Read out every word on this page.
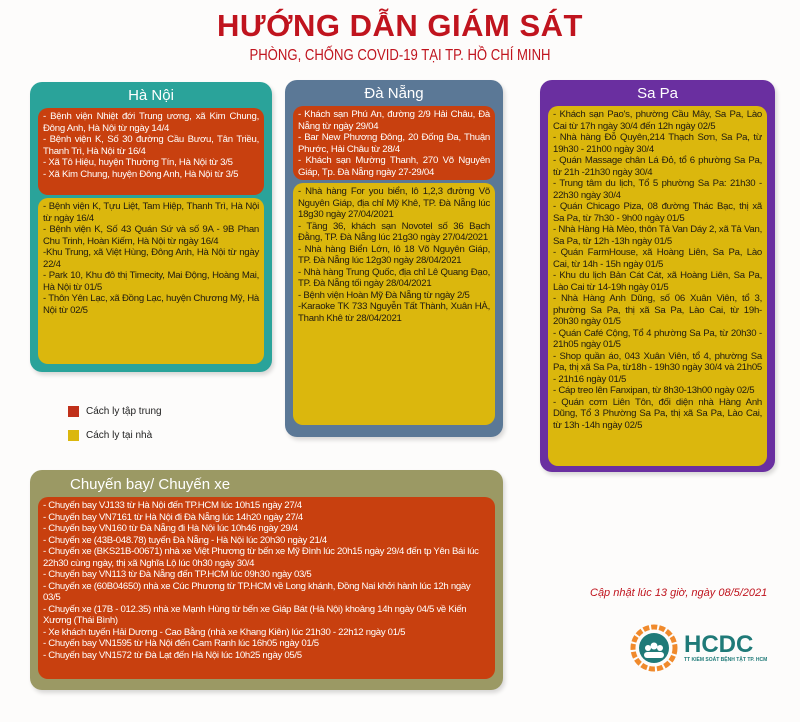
HƯỚNG DẪN GIÁM SÁT
PHÒNG, CHỐNG COVID-19 TẠI TP. HỒ CHÍ MINH
Hà Nội
- Bệnh viện Nhiệt đới Trung ương, xã Kim Chung, Đông Anh, Hà Nội từ ngày 14/4
- Bệnh viện K, Số 30 đường Cầu Bươu, Tân Triều, Thanh Trì, Hà Nội từ 16/4
- Xã Tô Hiệu, huyện Thường Tín, Hà Nội từ 3/5
- Xã Kim Chung, huyện Đông Anh, Hà Nội từ 3/5
- Bệnh viện K, Tựu Liệt, Tam Hiệp, Thanh Trì, Hà Nội từ ngày 16/4
- Bệnh viện K, Số 43 Quán Sứ và số 9A - 9B Phan Chu Trinh, Hoàn Kiếm, Hà Nội từ ngày 16/4
-Khu Trung, xã Việt Hùng, Đông Anh, Hà Nội từ ngày 22/4
- Park 10, Khu đô thị Timecity, Mai Động, Hoàng Mai, Hà Nội từ 01/5
- Thôn Yên Lạc, xã Đồng Lạc, huyện Chương Mỹ, Hà Nội từ 02/5
Đà Nẵng
- Khách sạn Phú An, đường 2/9 Hải Châu, Đà Nẵng từ ngày 29/04
- Bar New Phương Đông, 20 Đống Đa, Thuận Phước, Hải Châu từ 28/4
- Khách sạn Mường Thanh, 270 Võ Nguyên Giáp, Tp. Đà Nẵng ngày 27-29/04
- Nhà hàng For you biển, lô 1,2,3 đường Võ Nguyên Giáp, địa chỉ Mỹ Khê, TP. Đà Nẵng lúc 18g30 ngày 27/04/2021
- Tầng 36, khách sạn Novotel số 36 Bạch Đằng, TP. Đà Nẵng lúc 21g30 ngày 27/04/2021
- Nhà hàng Biển Lớn, lô 18 Võ Nguyên Giáp, TP. Đà Nẵng lúc 12g30 ngày 28/04/2021
- Nhà hàng Trung Quốc, địa chỉ Lê Quang Đạo, TP. Đà Nẵng tối ngày 28/04/2021
- Bệnh viện Hoàn Mỹ Đà Nẵng từ ngày 2/5
-Karaoke TK 733 Nguyễn Tất Thành, Xuân HÀ, Thanh Khê từ 28/04/2021
Sa Pa
- Khách sạn Pao's, phường Cầu Mây, Sa Pa, Lào Cai từ 17h ngày 30/4 đến 12h ngày 02/5
- Nhà hàng Đỗ Quyên,214 Thạch Sơn, Sa Pa, từ 19h30 - 21h00 ngày 30/4
- Quán Massage chân Lá Đỏ, tổ 6 phường Sa Pa, từ 21h -21h30 ngày 30/4
- Trung tâm du lịch, Tổ 5 phường Sa Pa: 21h30 - 22h30 ngày 30/4
- Quán Chicago Piza, 08 đường Thác Bạc, thị xã Sa Pa, từ 7h30 - 9h00 ngày 01/5
- Nhà Hàng Hà Mèo, thôn Tả Van Dáy 2, xã Tả Van, Sa Pa, từ 12h -13h ngày 01/5
- Quán FarmHouse, xã Hoàng Liên, Sa Pa, Lào Cai, từ 14h - 15h ngày 01/5
- Khu du lịch Bản Cát Cát, xã Hoàng Liên, Sa Pa, Lào Cai từ 14-19h ngày 01/5
- Nhà Hàng Anh Dũng, số 06 Xuân Viên, tổ 3, phường Sa Pa, thị xã Sa Pa, Lào Cai, từ 19h-20h30 ngày 01/5
- Quán Café Cộng, Tổ 4 phường Sa Pa, từ 20h30 - 21h05 ngày 01/5
- Shop quần áo, 043 Xuân Viên, tổ 4, phường Sa Pa, thị xã Sa Pa, từ18h - 19h30 ngày 30/4 và 21h05 - 21h16 ngày 01/5
- Cáp treo lên Fanxipan, từ 8h30-13h00 ngày 02/5
- Quán cơm Liên Tôn, đối diện nhà Hàng Anh Dũng, Tổ 3 Phường Sa Pa, thị xã Sa Pa, Lào Cai, từ 13h -14h ngày 02/5
Cách ly tập trung
Cách ly tại nhà
Chuyến bay/ Chuyến xe
- Chuyến bay VJ133 từ Hà Nội đến TP.HCM lúc 10h15 ngày 27/4
- Chuyến bay VN7161 từ Hà Nội đi Đà Nẵng lúc 14h20 ngày 27/4
- Chuyến bay VN160 từ Đà Nẵng đi Hà Nội lúc 10h46 ngày 29/4
- Chuyến xe (43B-048.78) tuyến Đà Nẵng - Hà Nội lúc 20h30 ngày 21/4
- Chuyến xe (BKS21B-00671) nhà xe Việt Phương từ bến xe Mỹ Đình lúc 20h15 ngày 29/4 đến tp Yên Bái lúc 22h30 cùng ngày, thị xã Nghĩa Lộ lúc 0h30 ngày 30/4
- Chuyến bay VN113 từ Đà Nẵng đến TP.HCM lúc 09h30 ngày 03/5
- Chuyến xe (60B04650) nhà xe Cúc Phương từ TP.HCM về Long khánh, Đồng Nai khởi hành lúc 12h ngày 03/5
- Chuyến xe (17B - 012.35) nhà xe Mạnh Hùng từ bến xe Giáp Bát (Hà Nội) khoảng 14h ngày 04/5 về Kiến Xương (Thái Bình)
- Xe khách tuyến Hải Dương - Cao Bằng (nhà xe Khang Kiên) lúc 21h30 - 22h12 ngày 01/5
- Chuyến bay VN1595 từ Hà Nội đến Cam Ranh lúc 16h05 ngày 01/5
- Chuyến bay VN1572 từ Đà Lạt đến Hà Nội lúc 10h25 ngày 05/5
Cập nhật lúc 13 giờ, ngày 08/5/2021
HCDC
TT KIỂM SOÁT BỆNH TẬT TP. HCM
